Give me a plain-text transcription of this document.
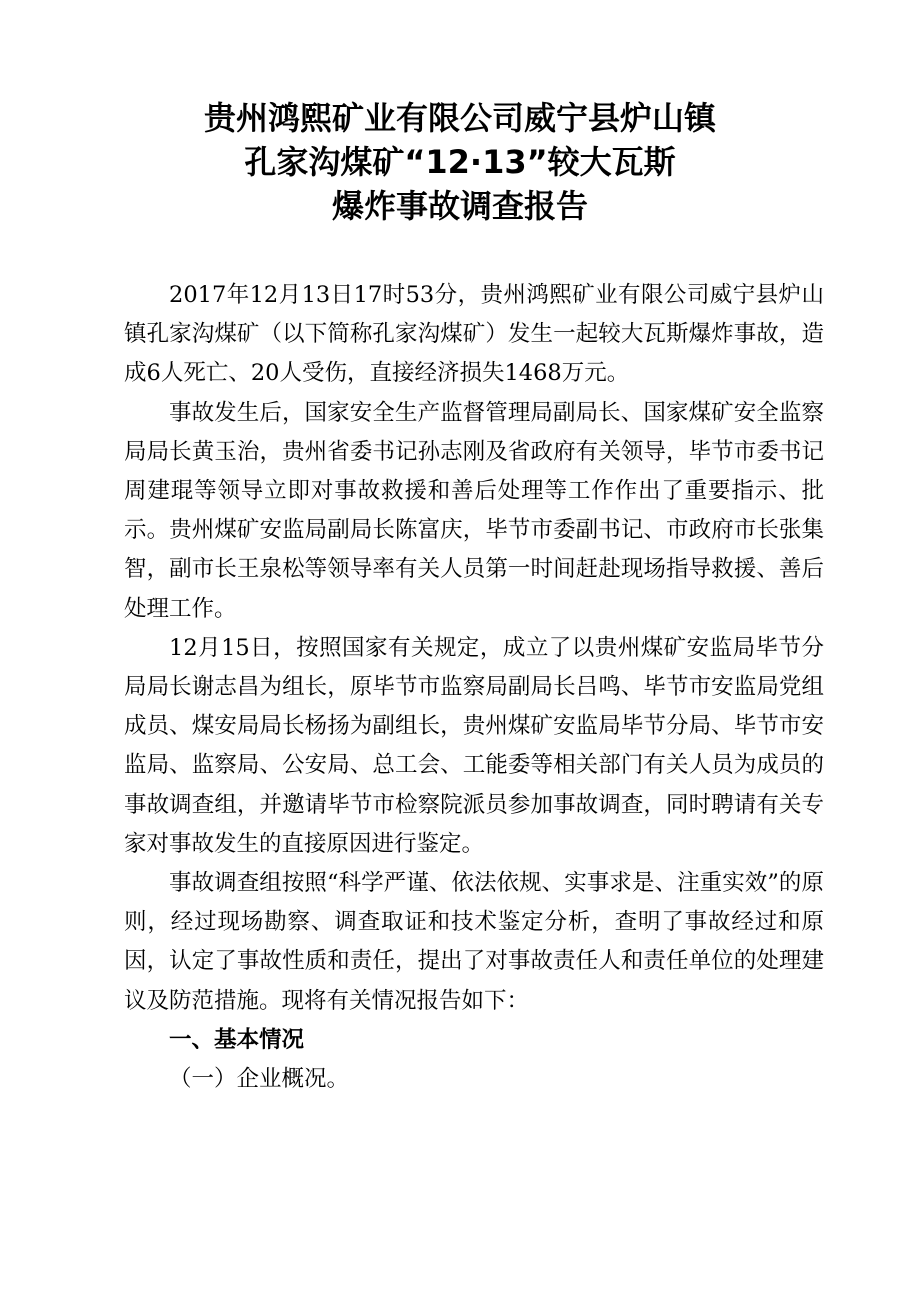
贵州鸿熙矿业有限公司威宁县炉山镇
孔家沟煤矿“12·13”较大瓦斯
爆炸事故调查报告

2017年12月13日17时53分，贵州鸿熙矿业有限公司威宁县炉山镇孔家沟煤矿（以下简称孔家沟煤矿）发生一起较大瓦斯爆炸事故，造成6人死亡、20人受伤，直接经济损失1468万元。

事故发生后，国家安全生产监督管理局副局长、国家煤矿安全监察局局长黄玉治，贵州省委书记孙志刚及省政府有关领导，毕节市委书记周建琨等领导立即对事故救援和善后处理等工作作出了重要指示、批示。贵州煤矿安监局副局长陈富庆，毕节市委副书记、市政府市长张集智，副市长王泉松等领导率有关人员第一时间赶赴现场指导救援、善后处理工作。

12月15日，按照国家有关规定，成立了以贵州煤矿安监局毕节分局局长谢志昌为组长，原毕节市监察局副局长吕鸣、毕节市安监局党组成员、煤安局局长杨扬为副组长，贵州煤矿安监局毕节分局、毕节市安监局、监察局、公安局、总工会、工能委等相关部门有关人员为成员的事故调查组，并邀请毕节市检察院派员参加事故调查，同时聘请有关专家对事故发生的直接原因进行鉴定。

事故调查组按照“科学严谨、依法依规、实事求是、注重实效”的原则，经过现场勘察、调查取证和技术鉴定分析，查明了事故经过和原因，认定了事故性质和责任，提出了对事故责任人和责任单位的处理建议及防范措施。现将有关情况报告如下：

一、基本情况

（一）企业概况。
